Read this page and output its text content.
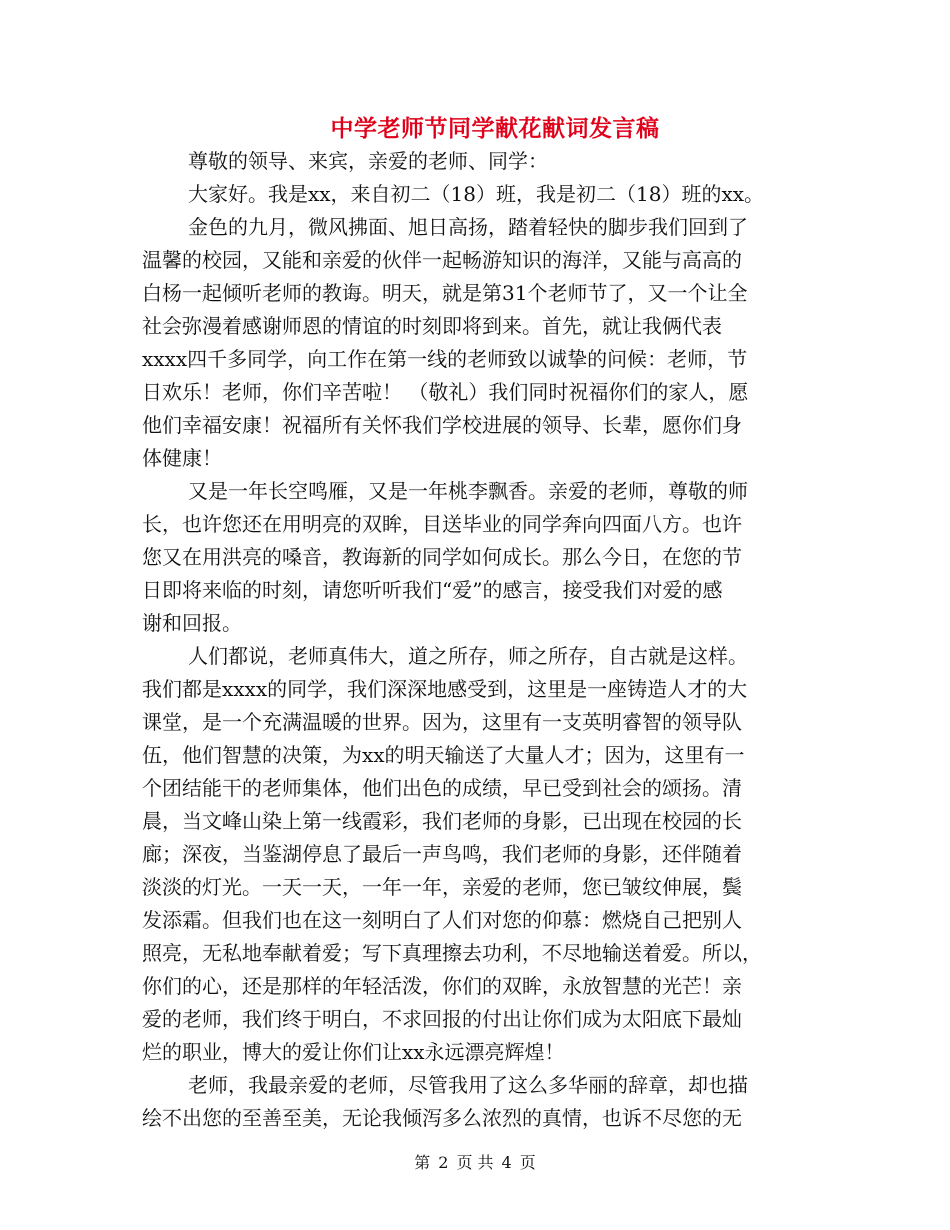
中学老师节同学献花献词发言稿
尊敬的领导、来宾，亲爱的老师、同学：
大家好。我是xx，来自初二（18）班，我是初二（18）班的xx。
金色的九月，微风拂面、旭日高扬，踏着轻快的脚步我们回到了
温馨的校园，又能和亲爱的伙伴一起畅游知识的海洋，又能与高高的
白杨一起倾听老师的教诲。明天，就是第31个老师节了，又一个让全
社会弥漫着感谢师恩的情谊的时刻即将到来。首先，就让我俩代表
xxxx四千多同学，向工作在第一线的老师致以诚挚的问候：老师，节
日欢乐！老师，你们辛苦啦！ （敬礼）我们同时祝福你们的家人，愿
他们幸福安康！祝福所有关怀我们学校进展的领导、长辈，愿你们身
体健康！
又是一年长空鸣雁，又是一年桃李飘香。亲爱的老师，尊敬的师
长，也许您还在用明亮的双眸，目送毕业的同学奔向四面八方。也许
您又在用洪亮的嗓音，教诲新的同学如何成长。那么今日，在您的节
日即将来临的时刻，请您听听我们“爱”的感言，接受我们对爱的感
谢和回报。
人们都说，老师真伟大，道之所存，师之所存，自古就是这样。
我们都是xxxx的同学，我们深深地感受到，这里是一座铸造人才的大
课堂，是一个充满温暖的世界。因为，这里有一支英明睿智的领导队
伍，他们智慧的决策，为xx的明天输送了大量人才；因为，这里有一
个团结能干的老师集体，他们出色的成绩，早已受到社会的颂扬。清
晨，当文峰山染上第一线霞彩，我们老师的身影，已出现在校园的长
廊；深夜，当鉴湖停息了最后一声鸟鸣，我们老师的身影，还伴随着
淡淡的灯光。一天一天，一年一年，亲爱的老师，您已皱纹伸展，鬓
发添霜。但我们也在这一刻明白了人们对您的仰慕：燃烧自己把别人
照亮，无私地奉献着爱；写下真理擦去功利，不尽地输送着爱。所以，
你们的心，还是那样的年轻活泼，你们的双眸，永放智慧的光芒！亲
爱的老师，我们终于明白，不求回报的付出让你们成为太阳底下最灿
烂的职业，博大的爱让你们让xx永远漂亮辉煌！
老师，我最亲爱的老师，尽管我用了这么多华丽的辞章，却也描
绘不出您的至善至美，无论我倾泻多么浓烈的真情，也诉不尽您的无
第 2 页 共 4 页
